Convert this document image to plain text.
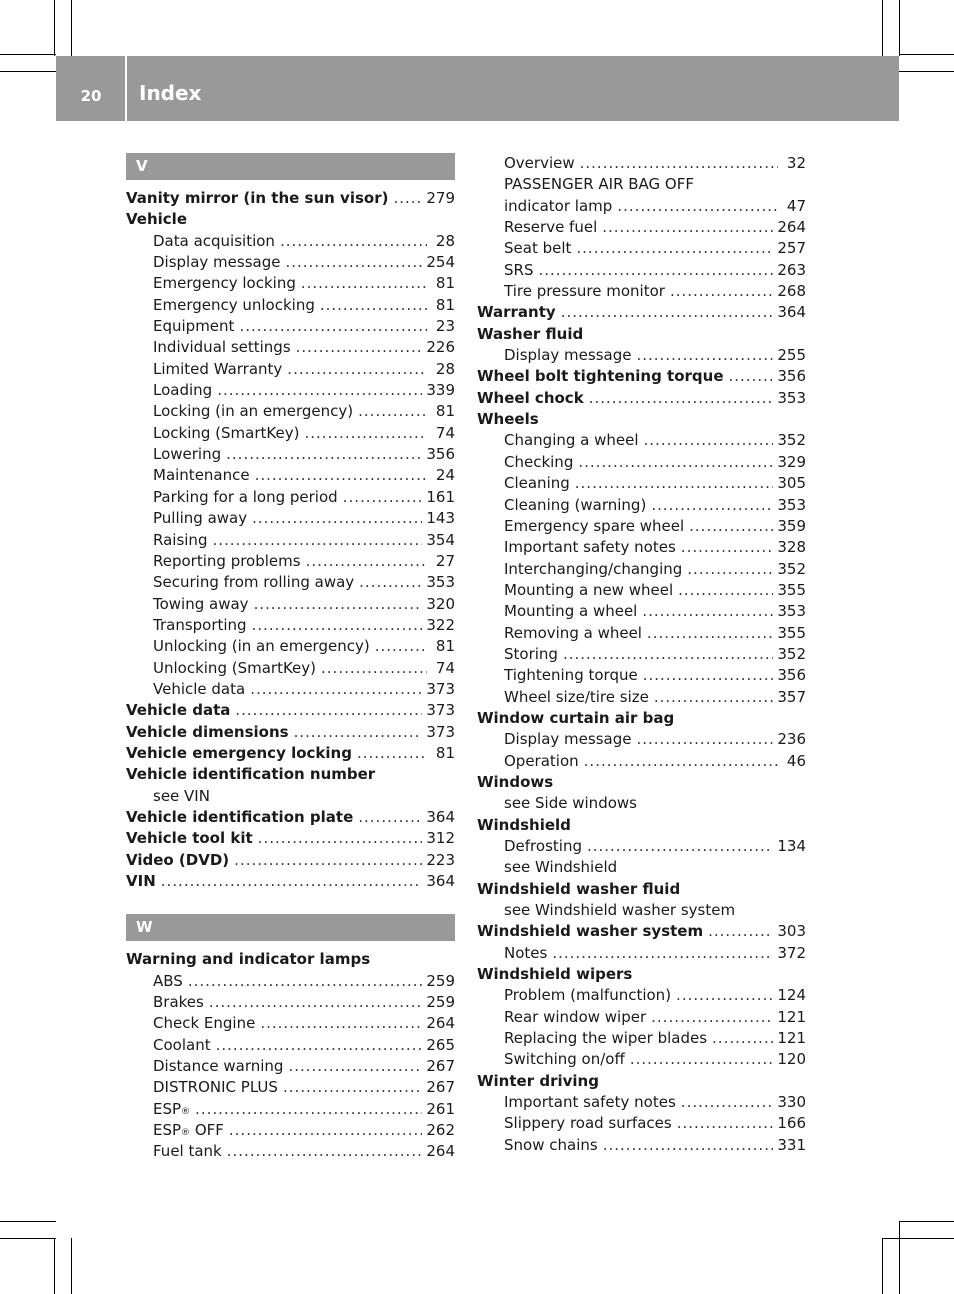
20	Index
V
Vanity mirror (in the sun visor) .....	279
Vehicle
Data acquisition .....	28
Display message .....	254
Emergency locking .....	81
Emergency unlocking .....	81
Equipment .....	23
Individual settings .....	226
Limited Warranty .....	28
Loading .....	339
Locking (in an emergency) .....	81
Locking (SmartKey) .....	74
Lowering .....	356
Maintenance .....	24
Parking for a long period .....	161
Pulling away .....	143
Raising .....	354
Reporting problems .....	27
Securing from rolling away .....	353
Towing away .....	320
Transporting .....	322
Unlocking (in an emergency) .....	81
Unlocking (SmartKey) .....	74
Vehicle data .....	373
Vehicle data .....	373
Vehicle dimensions .....	373
Vehicle emergency locking .....	81
Vehicle identification number
see VIN
Vehicle identification plate .....	364
Vehicle tool kit .....	312
Video (DVD) .....	223
VIN .....	364
W
Warning and indicator lamps
ABS .....	259
Brakes .....	259
Check Engine .....	264
Coolant .....	265
Distance warning .....	267
DISTRONIC PLUS .....	267
ESP ® .....	261
ESP ® OFF .....	262
Fuel tank .....	264
Overview .....	32
PASSENGER AIR BAG OFF
indicator lamp .....	47
Reserve fuel .....	264
Seat belt .....	257
SRS .....	263
Tire pressure monitor .....	268
Warranty .....	364
Washer fluid
Display message .....	255
Wheel bolt tightening torque .....	356
Wheel chock .....	353
Wheels
Changing a wheel .....	352
Checking .....	329
Cleaning .....	305
Cleaning (warning) .....	353
Emergency spare wheel .....	359
Important safety notes .....	328
Interchanging/changing .....	352
Mounting a new wheel .....	355
Mounting a wheel .....	353
Removing a wheel .....	355
Storing .....	352
Tightening torque .....	356
Wheel size/tire size .....	357
Window curtain air bag
Display message .....	236
Operation .....	46
Windows
see Side windows
Windshield
Defrosting .....	134
see Windshield
Windshield washer fluid
see Windshield washer system
Windshield washer system .....	303
Notes .....	372
Windshield wipers
Problem (malfunction) .....	124
Rear window wiper .....	121
Replacing the wiper blades .....	121
Switching on/off .....	120
Winter driving
Important safety notes .....	330
Slippery road surfaces .....	166
Snow chains .....	331
